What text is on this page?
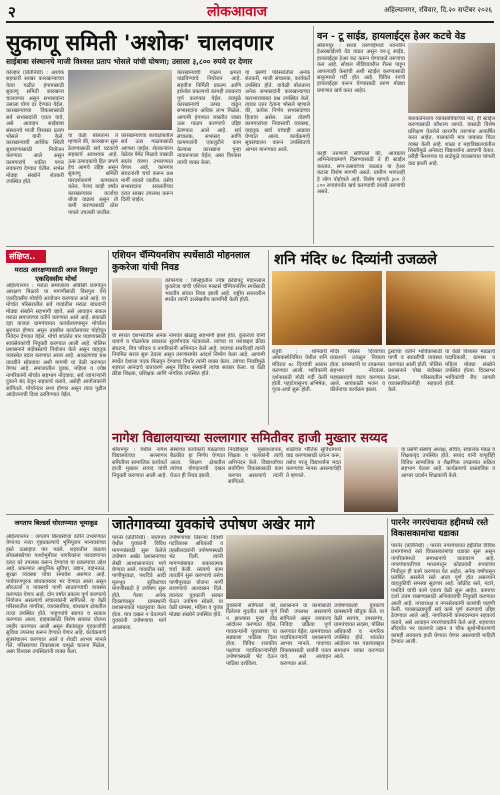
२	लोकआवाज	अहिल्यानगर, रविवार, दि.२० सप्टेंबर २०२६
सुकाणू समिती 'अशोक' चालवणार
साईबाबा संस्थानचे माजी विश्वस्त प्रताप भोसले यांची घोषणा; उसाला ३,८०० रुपये दर देणार

कोल्हार (प्रतिनिधी) : अशोक सहकारी साखर कारखान्याच्या येत्या गळीत हंगामासाठी सुकाणू समिती कारखाना चालवणार असून सभासदांना उसाला योग्य दर देण्यात येईल. कारखान्याच्या विकासासाठी सर्व सभासदांनी एकत्र यावे, असे आवाहन साईबाबा संस्थानचे माजी विश्वस्त प्रताप भोसले यांनी केले. कारखान्याची आर्थिक स्थिती सुधारण्यासाठी नियोजन करण्यात आले असून कामगारांचे थकीत पगार लवकरच देण्यात येतील. सभेस मोठ्या संख्येने शेतकरी उपस्थित होते.

या वेळी बोलताना ते म्हणाले की, कारखाना सुरू ठेवण्यासाठी सर्व घटकांचे सहकार्य आवश्यक आहे. ऊस उत्पादकांचे हित जपणे हेच आमचे उद्दिष्ट असून सुकाणू समिती पारदर्शकपणे कामकाज करेल. गेल्या काही वर्षांत कारखान्यावर कर्जाचा बोजा वाढला असून तो कमी करण्यासाठी ठोस पावले उचलली जातील.

कारखान्याच्या कार्यक्षेत्रातील सर्व ऊस गाळपासाठी आणला जाईल. शेतकऱ्यांना वेळेवर पेमेंट मिळावे यासाठी स्वतंत्र यंत्रणा उभारण्यात येणार आहे. कामगार संघटनांशी चर्चा करून प्रश्न मार्गी लावले जातील. तसेच सभासदांना सवलतीच्या दरात साखर उपलब्ध करून दिली जाईल.

कारखान्याची गाळप क्षमता वाढविण्याचे नियोजन आहे. सहवीज निर्मिती प्रकल्प आणि इथेनॉल प्रकल्पाचे कामही लवकरच पूर्ण करण्यात येईल. त्यामुळे कारखान्याचे उत्पन्न वाढून सभासदांना अधिक लाभ मिळेल. आगामी हंगामात जास्तीत जास्त ऊस गाळप करण्याचे उद्दिष्ट ठेवण्यात आले आहे. सर्व संचालक, सभासद आणि कामगारांनी एकजुटीने काम केल्यास कारखाना पुन्हा नावारूपाला येईल, असा विश्वास त्यांनी व्यक्त केला.

या प्रसंगी परिसरातील अनेक शेतकरी, माजी संचालक, कार्यकर्ते उपस्थित होते. यावेळी बोलताना अनेक सभासदांनी कारखान्याच्या कारभाराबाबत प्रश्न उपस्थित केले. त्यावर उत्तर देताना भोसले म्हणाले की, प्रत्येक निर्णय सभासदांच्या हिताचा असेल. ऊस तोडणी कामगारांच्या निवासाची व्यवस्था, वाहतूक खर्च यांचाही आढावा घेण्यात आला. कार्यक्रमाचे सूत्रसंचालन करून उपस्थितांचे आभार मानण्यात आले.

वन - टू साईड, हायलाईट्स हेअर कटचे वेड

श्रीरामपूर : सध्या तरुणाईमध्ये नवनवीन हेअरस्टाईलचे वेड वाढत असून वन-टू साईड, हायलाईट्स हेअर कट करून घेण्याकडे तरुणांचा कल आहे. सोशल मीडियावरील रील्स पाहून आपल्याही केसांची अशी स्टाईल करण्यासाठी सलूनमध्ये गर्दी होत आहे. विविध रंगांचे हायलाईट्स करून घेण्यासाठी तरुण मोठ्या प्रमाणात खर्च करत आहेत.

केशकर्तनालय व्यावसायिकांच्या मते, ही स्टाईल करण्यासाठी कौशल्य लागते. यासाठी विशेष प्रशिक्षण घेतलेले कारागीर तरुणांना आकर्षित करत आहेत. पालकांनी मात्र याबाबत चिंता व्यक्त केली आहे. शाळा व महाविद्यालयांतील शिस्तीमुळे अनेकदा विद्यार्थ्यांना अडचणी येतात. तरीही फॅशनच्या या लाटेमुळे व्यवसायात चांगली वाढ झाली आहे.

काही तरुणांनी सांगितले की, आवडत्या अभिनेत्याप्रमाणे दिसण्यासाठी ते ही स्टाईल करतात. सण-उत्सवांच्या काळात या हेअर कटला विशेष मागणी असते. ग्रामीण भागातही हे लोण पोहोचले आहे. विशेष म्हणजे ३०० ते ८०० रुपयांपर्यंत खर्च करण्याची तयारी तरुणांची असते.

संक्षिप्त..
मराठा आरक्षणासाठी आज विसपुरा एकदिवसीय मोर्चा

अहिल्यानगर : मराठा समाजाला ओबीसी प्रवर्गातून आरक्षण मिळावे या मागणीसाठी विसपुरा येथे एकदिवसीय मोर्चाचे आयोजन करण्यात आले आहे. या मोर्चात परिसरातील सर्व गावांतील मराठा बांधवांनी मोठ्या संख्येने सहभागी व्हावे, असे आवाहन सकल मराठा समाजाच्या वतीने करण्यात आले आहे. सकाळी दहा वाजता ग्रामपंचायत कार्यालयापासून मोर्चाला सुरुवात होणार असून तहसील कार्यालयावर पोहोचून निवेदन देण्यात येईल. मोर्चा शांततेत पार पाडण्यासाठी स्वयंसेवकांची नियुक्ती करण्यात आली आहे. पोलिस प्रशासनाने बंदोबस्ताचे नियोजन केले असून वाहतूक व्यवस्थेत बदल करण्यात आला आहे. आरक्षणाचा प्रश्न तातडीने सोडवावा अशी मागणी या वेळी करण्यात येणार आहे. समाजातील युवक, महिला व ज्येष्ठ नागरिकांनी मोर्चात सहभाग नोंदवावा. सर्व व्यापाऱ्यांनी दुकाने बंद ठेवून सहकार्य करावे, असेही आयोजकांनी सांगितले. मोर्चानंतर सभा होणार असून त्यात पुढील आंदोलनाची दिशा ठरविण्यात येईल.

एशियन चॅम्पियनशिप स्पर्धेसाठी मोहनलाल कुकरेजा यांची निवड

कोपरगाव : जिल्ह्यातील ज्येष्ठ क्रीडापटू मोहनलाल कुकरेजा यांची एशियन मास्टर्स चॅम्पियनशिप स्पर्धेसाठी भारतीय संघात निवड झाली आहे. राष्ट्रीय स्तरावरील स्पर्धेत त्यांनी उल्लेखनीय कामगिरी केली होती.

या स्पर्धेत देशभरातील अनेक नामवंत खेळाडू सहभागी झाले होते. कुकरेजा यांनी धावणे व गोळाफेक प्रकारात सुवर्णपदक पटकावले. त्यांच्या या यशाबद्दल क्रीडा संघटना, मित्र परिवार व नागरिकांनी अभिनंदन केले आहे. वयाच्या सत्तरीतही त्यांनी नियमित सराव सुरू ठेवला असून तरुणांसमोर आदर्श निर्माण केला आहे. आगामी स्पर्धेत देशाला पदक मिळवून देण्याचा निर्धार त्यांनी व्यक्त केला. त्यांच्या निवडीमुळे शहरात आनंदाचे वातावरण असून विविध संस्थांनी त्यांचा सत्कार केला. या वेळी क्रीडा शिक्षक, प्रशिक्षक आणि नागरिक उपस्थित होते.

शनि मंदिर ७८ दिव्यांनी उजळले

राहुरी : शनिवारी अमावास्येनिमित्त येथील शनि मंदिरात ७८ दिव्यांची आरास करण्यात आली. भाविकांनी दर्शनासाठी मोठी गर्दी केली होती. पहाटेपासूनच अभिषेक, पूजा-अर्चा सुरू होती.

मंदिर परिसर दिव्यांच्या प्रकाशाने उजळून निघाला होता. ग्रामस्थांनी या उपक्रमात सहभाग नोंदवला. महाप्रसादाचे वाटप करण्यात आले. सायंकाळी भजन व कीर्तनाचा कार्यक्रम झाला.

ट्रस्टच्या वतीने भाविकांसाठी पाणी व सावलीची व्यवस्था करण्यात आली होती. पोलिस प्रशासनाने चोख बंदोबस्त ठेवला. परिसरातील व्यावसायिकांनीही सहकार्य केले.

या वेळी विश्वस्त मंडळाचे पदाधिकारी, ग्रामस्थ व महिला मोठ्या संख्येने उपस्थित होत्या. दिवसभर भाविकांची रीघ लागली होती.

नागेश विद्यालयाच्या सल्लागार समितीवर हाजी मुख्तार सय्यद

श्रीरामपूर : येथील नागेश विद्यालयाच्या सल्लागार समितीवर सामाजिक कार्यकर्ते हाजी मुख्तार सय्यद यांची नियुक्ती करण्यात आली आहे.

संस्थेच्या कार्यकारी मंडळाच्या बैठकीत हा निर्णय घेण्यात आला. शिक्षण क्षेत्रातील त्यांच्या योगदानाची दखल घेऊन ही निवड झाली.

निवडीबद्दल मुख्याध्यापक, शिक्षक व पालकांनी त्यांचे अभिनंदन केले. विद्यार्थ्यांच्या सर्वांगीण विकासासाठी काम करणार असल्याचे त्यांनी सांगितले.

शाळेच्या भौतिक सुविधांमध्ये वाढ करण्यासाठी प्रयत्न करू, तसेच गरजू विद्यार्थ्यांना मदत करण्याचा मानस असल्याचेही ते म्हणाले.

या प्रसंगी संस्थेचे अध्यक्ष, सचिव, संचालक मंडळ व शिक्षकवृंद उपस्थित होते. सय्यद यांनी यापूर्वीही विविध सामाजिक व शैक्षणिक उपक्रमांत सक्रिय सहभाग घेतला आहे. कार्यक्रमाचे प्रास्ताविक व आभार प्रदर्शन शिक्षकांनी केले.

जगताप बिल्डर्स घोरतप्प्यात भूमाकूड

अहिल्यानगर : जगताप बिल्डर्सच्या वतीने उभारण्यात येणाऱ्या नव्या गृहप्रकल्पाचे भूमिपूजन मान्यवरांच्या हस्ते उत्साहात पार पडले. शहरातील वाढत्या लोकसंख्येच्या पार्श्वभूमीवर नागरिकांना परवडणाऱ्या दरात घरे उपलब्ध करून देण्याचा या प्रकल्पाचा उद्देश आहे. प्रकल्पात आधुनिक सुविधा, उद्यान, वाहनतळ, सुरक्षा व्यवस्था यांचा समावेश असणार आहे. पर्यावरणपूरक बांधकामावर भर देण्यात आला असून सौरऊर्जा व पावसाचे पाणी साठवण्याची व्यवस्था करण्यात येणार आहे. दोन वर्षांत प्रकल्प पूर्ण करण्याचे नियोजन असल्याचे संचालकांनी सांगितले. या वेळी परिसरातील नागरिक, व्यावसायिक, बांधकाम क्षेत्रातील तज्ज्ञ उपस्थित होते. पाहुण्यांचे स्वागत व सत्कार करण्यात आला. ग्राहकांसाठी विशेष सवलत योजना जाहीर करण्यात आली असून बँकांकडून गृहकर्जाची सुविधा उपलब्ध करून देण्यात येणार आहे. कार्यक्रमाचे सूत्रसंचालन करण्यात आले व शेवटी आभार मानले गेले. परिसराच्या विकासाला यामुळे चालना मिळेल, असा विश्वास उपस्थितांनी व्यक्त केला.

जातेगावच्या युवकांचे उपोषण अखेर मागे

पारनेर (प्रतिनिधी) : जातेगाव येथील युवकांनी विविध मागण्यांसाठी सुरू केलेले उपोषण अखेर प्रशासनाच्या लेखी आश्वासनानंतर मागे घेण्यात आले. गावातील रस्ते, पाणीपुरवठा, पथदिवे आदी मूलभूत सुविधांच्या मागणीसाठी हे उपोषण सुरू होते. गेल्या अनेक दिवसांपासून ग्रामस्थांनी प्रशासनाकडे पाठपुरावा केला होता. मात्र दखल न घेतल्याने युवकांनी उपोषणाचा मार्ग अवलंबला.

उपोषणाच्या तिसऱ्या दिवशी गटविकास अधिकारी व तहसीलदारांनी उपोषणस्थळी भेट दिली. त्यांनी मागण्यांबाबत सकारात्मक चर्चा केली. रस्त्याचे काम तातडीने सुरू करण्याचे तसेच पाणीपुरवठा योजना मार्गी लावण्याचे आश्वासन दिले. त्यानंतर युवकांनी सरबत घेऊन उपोषण सोडले. या वेळी ग्रामस्थ, महिला व युवक मोठ्या संख्येने उपस्थित होते.

युवकांनी सांगितले की, दिलेल्या मुदतीत कामे पूर्ण न झाल्यास पुन्हा तीव्र आंदोलन करण्यात येईल. गावकऱ्यांनी युवकांच्या या लढ्याला पाठिंबा दिला होता. विविध राजकीय पक्षांच्या पदाधिकाऱ्यांनीही उपोषणस्थळी भेट देऊन पाठिंबा दर्शविला.

प्रशासनाने या कामांसाठी निधी उपलब्ध असल्याचे सांगितले असून लवकरच निविदा प्रक्रिया पूर्ण करण्यात येईल. ग्रामपंचायत पदाधिकाऱ्यांनी प्रशासनाचे आभार मानले. गावाच्या विकासासाठी सर्वांनी एकत्र यावे, असे आवाहन करण्यात आले.

उपोषणकर्त्या युवकांचे ग्रामस्थांनी कौतुक केले. या वेळी सरपंच, उपसरपंच, ग्रामपंचायत सदस्य, पोलिस अधिकारी व नागरिक उपस्थित होते. शांततेत आंदोलन पार पडल्याबद्दल समाधान व्यक्त करण्यात आले.

पारनेर नगरपंचायत हद्दीमध्ये रस्ते विकासकामांचा धडाका

पारनेर (प्रतिनिधी) : पारनेर नगरपंचायत हद्दीतील विविध प्रभागांमध्ये रस्ते विकासकामांचा धडाका सुरू असून नागरिकांमध्ये समाधानाचे वातावरण आहे. नगरपंचायतीच्या माध्यमातून कोट्यवधी रुपयांच्या निधीतून ही कामे करण्यात येत आहेत. अनेक वर्षांपासून प्रलंबित असलेले रस्ते आता पूर्ण होत असल्याने वाहतुकीची समस्या सुटणार आहे. काँक्रीट रस्ते, गटारे, पथदिवे यांची कामे एकाच वेळी सुरू आहेत. कामाचा दर्जा उत्तम राखण्यासाठी अभियंत्यांची नियुक्ती करण्यात आली आहे. नगराध्यक्ष व नगरसेवकांनी कामांची पाहणी केली. पावसाळ्यापूर्वी सर्व कामे पूर्ण करण्याचे उद्दिष्ट ठेवण्यात आले आहे. नागरिकांनी कामादरम्यान सहकार्य करावे, असे आवाहन नगरपंचायतीने केले आहे. शहराच्या सौंदर्यात भर घालणारे उद्यान व चौक सुशोभीकरणाचे कामही लवकरच हाती घेण्यात येणार असल्याची माहिती देण्यात आली.
